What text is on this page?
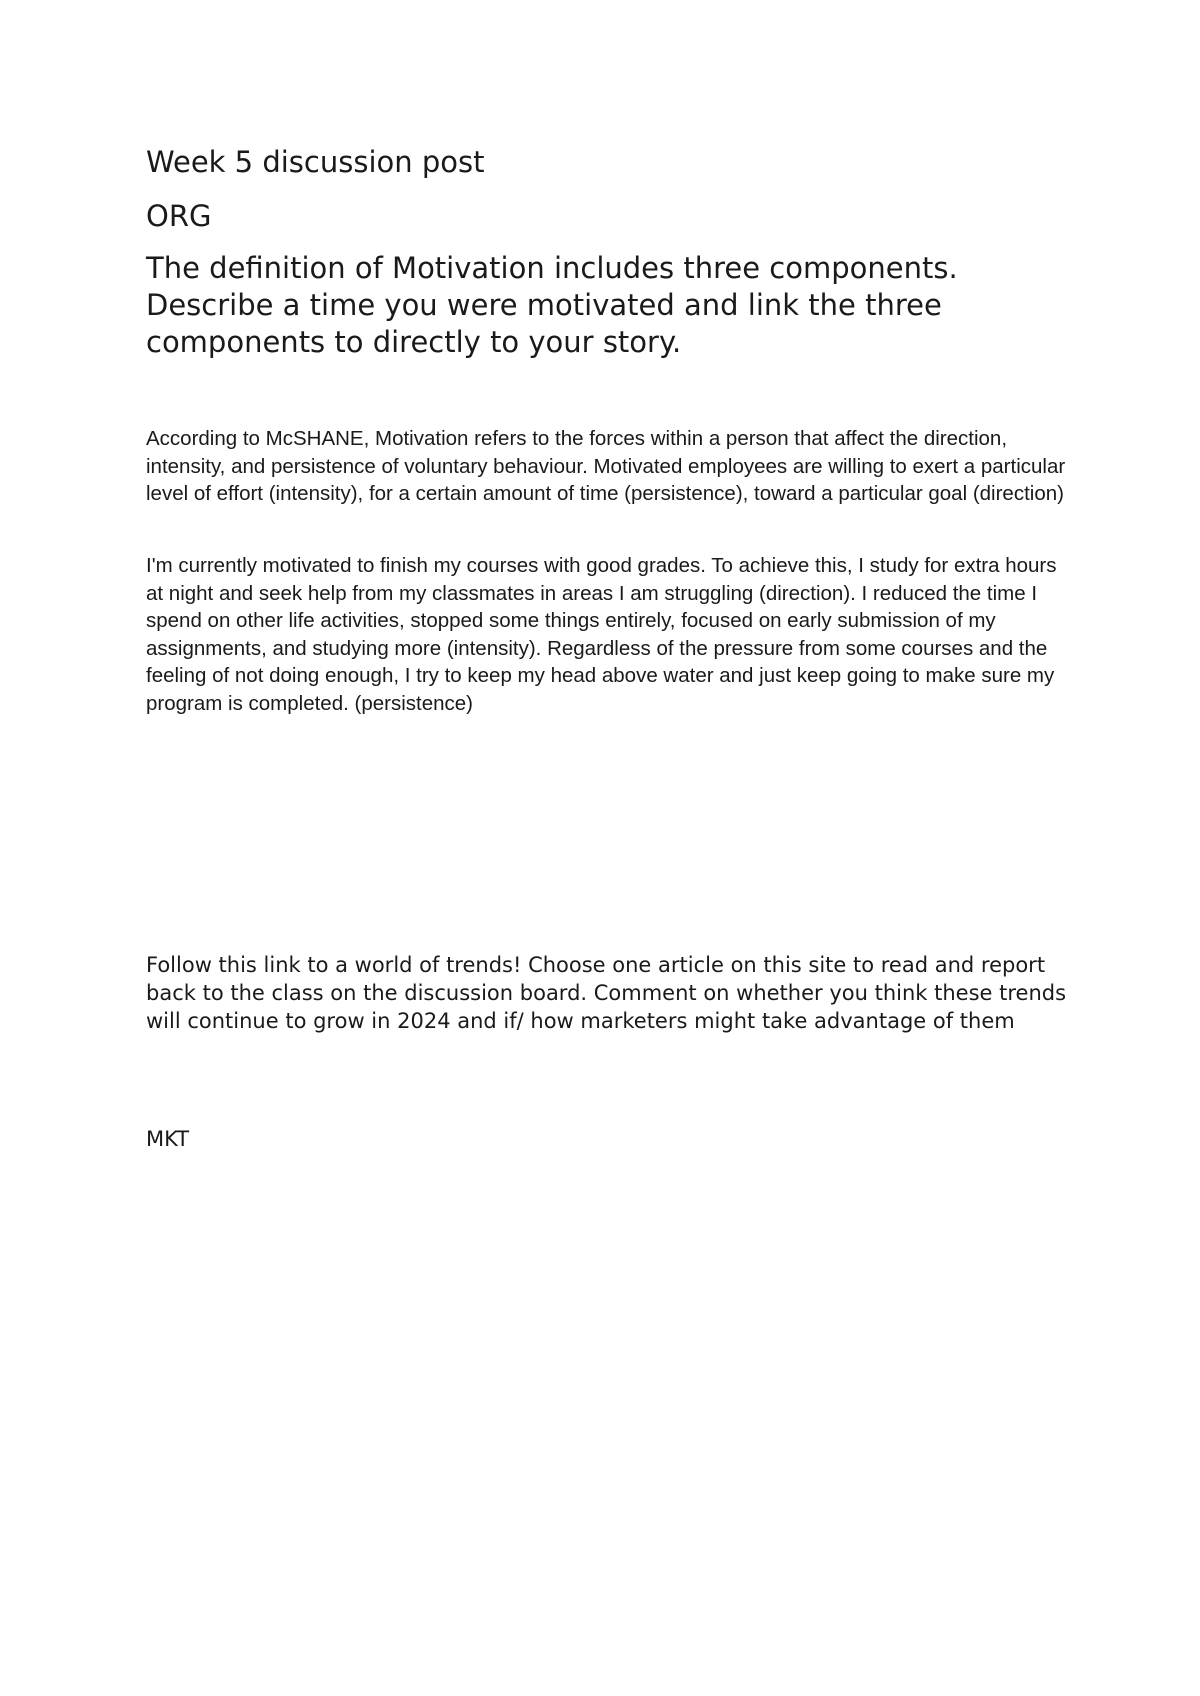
Week 5 discussion post

ORG

The definition of Motivation includes three components. Describe a time you were motivated and link the three components to directly to your story.

According to McSHANE, Motivation refers to the forces within a person that affect the direction, intensity, and persistence of voluntary behaviour. Motivated employees are willing to exert a particular level of effort (intensity), for a certain amount of time (persistence), toward a particular goal (direction)

I'm currently motivated to finish my courses with good grades. To achieve this, I study for extra hours at night and seek help from my classmates in areas I am struggling (direction). I reduced the time I spend on other life activities, stopped some things entirely, focused on early submission of my assignments, and studying more (intensity). Regardless of the pressure from some courses and the feeling of not doing enough, I try to keep my head above water and just keep going to make sure my program is completed. (persistence)

Follow this link to a world of trends! Choose one article on this site to read and report back to the class on the discussion board. Comment on whether you think these trends will continue to grow in 2024 and if/ how marketers might take advantage of them

MKT
